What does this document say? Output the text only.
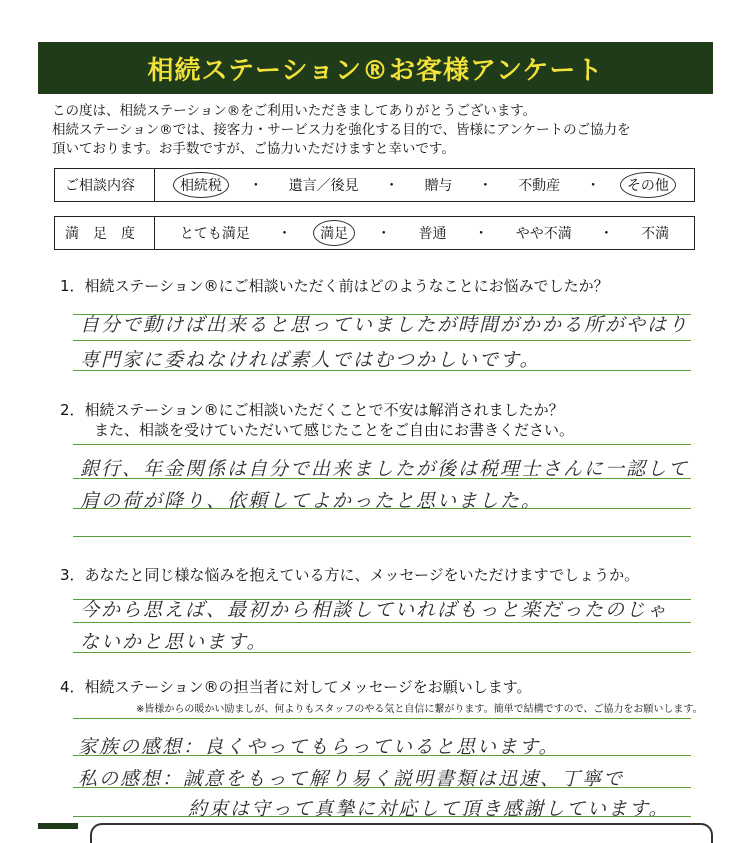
相続ステーション®お客様アンケート
この度は、相続ステーション®をご利用いただきましてありがとうございます。
相続ステーション®では、接客力・サービス力を強化する目的で、皆様にアンケートのご協力を
頂いております。お手数ですが、ご協力いただけますと幸いです。
ご相談内容	相続税	・	遺言／後見	・	贈与	・	不動産	・	その他
満　足　度	とても満足	・	満足	・	普通	・	やや不満	・	不満
1．相続ステーション®にご相談いただく前はどのようなことにお悩みでしたか？
自分で動けば出来ると思っていましたが時間がかかる所がやはり
専門家に委ねなければ素人ではむつかしいです。
2．相続ステーション®にご相談いただくことで不安は解消されましたか？
また、相談を受けていただいて感じたことをご自由にお書きください。
銀行、年金関係は自分で出来ましたが後は税理士さんに一認して
肩の荷が降り、依頼してよかったと思いました。
3．あなたと同じ様な悩みを抱えている方に、メッセージをいただけますでしょうか。
今から思えば、最初から相談していればもっと楽だったのじゃ
ないかと思います。
4．相続ステーション®の担当者に対してメッセージをお願いします。
※皆様からの暖かい励ましが、何よりもスタッフのやる気と自信に繋がります。簡単で結構ですので、ご協力をお願いします。
家族の感想：良くやってもらっていると思います。
私の感想：誠意をもって解り易く説明書類は迅速、丁寧で
約束は守って真摯に対応して頂き感謝しています。
